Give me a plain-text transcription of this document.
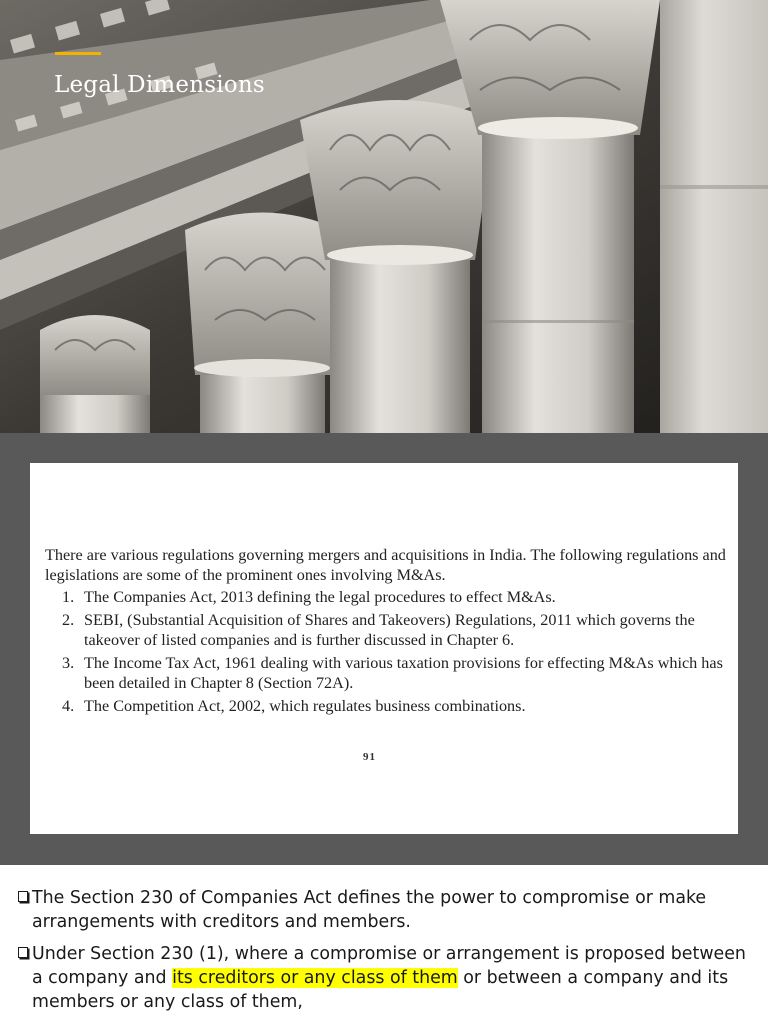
Legal Dimensions

There are various regulations governing mergers and acquisitions in India. The following regulations and legislations are some of the prominent ones involving M&As.

1. The Companies Act, 2013 defining the legal procedures to effect M&As.
2. SEBI, (Substantial Acquisition of Shares and Takeovers) Regulations, 2011 which governs the takeover of listed companies and is further discussed in Chapter 6.
3. The Income Tax Act, 1961 dealing with various taxation provisions for effecting M&As which has been detailed in Chapter 8 (Section 72A).
4. The Competition Act, 2002, which regulates business combinations.
91

The Section 230 of Companies Act defines the power to compromise or make arrangements with creditors and members.

Under Section 230 (1), where a compromise or arrangement is proposed between a company and its creditors or any class of them or between a company and its members or any class of them,
